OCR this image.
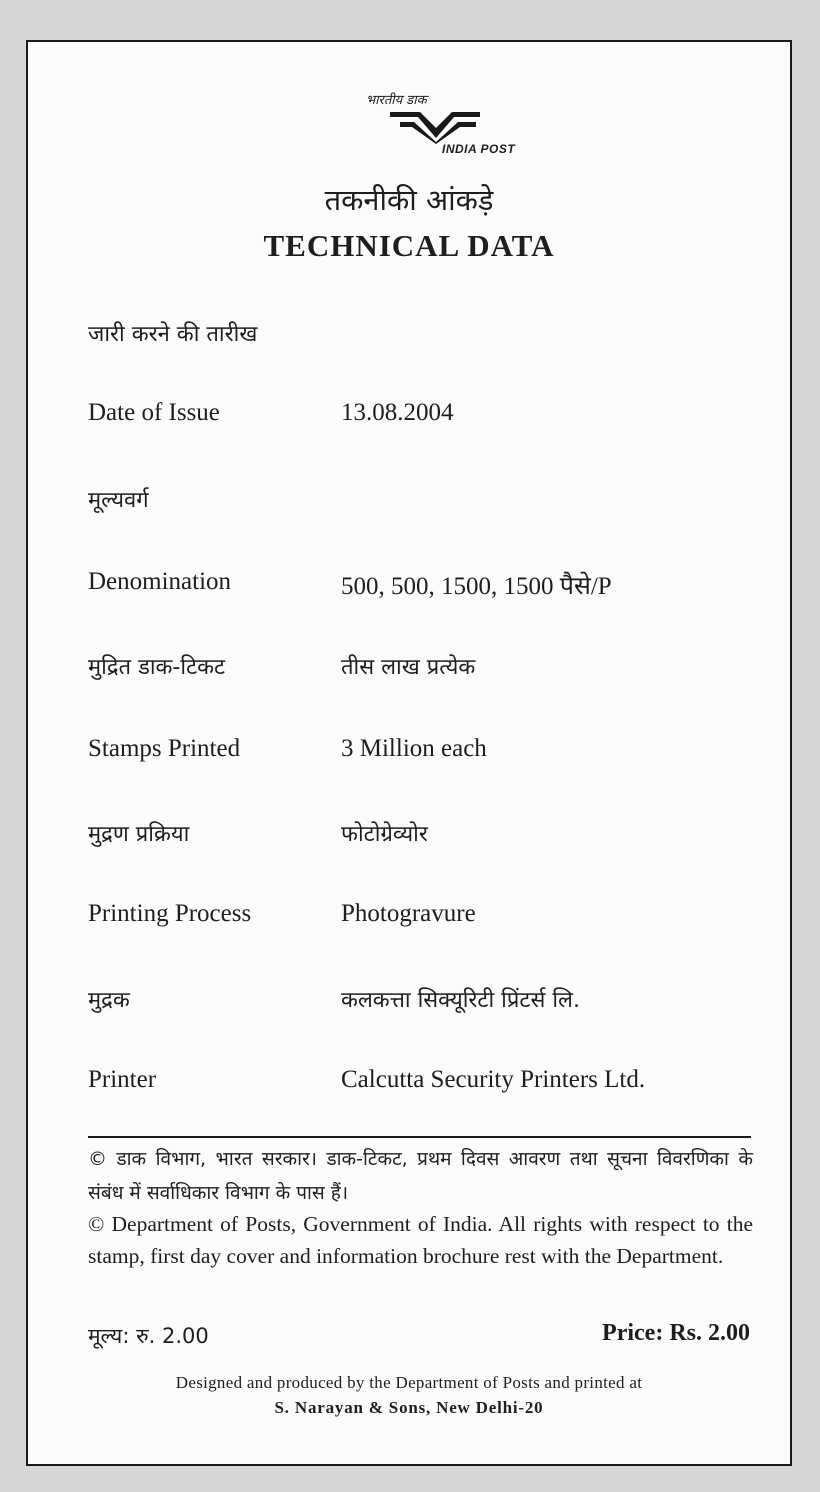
भारतीय डाक
INDIA POST
तकनीकी आंकड़े
TECHNICAL DATA
जारी करने की तारीख
Date of Issue	13.08.2004
मूल्यवर्ग
Denomination	500, 500, 1500, 1500 पैसे/P
मुद्रित डाक-टिकट	तीस लाख प्रत्येक
Stamps Printed	3 Million each
मुद्रण प्रक्रिया	फोटोग्रेव्योर
Printing Process	Photogravure
मुद्रक	कलकत्ता सिक्यूरिटी प्रिंटर्स लि.
Printer	Calcutta Security Printers Ltd.
© डाक विभाग, भारत सरकार। डाक-टिकट, प्रथम दिवस आवरण तथा सूचना विवरणिका के संबंध में सर्वाधिकार विभाग के पास हैं।
© Department of Posts, Government of India. All rights with respect to the stamp, first day cover and information brochure rest with the Department.
मूल्य: रु. 2.00	Price: Rs. 2.00
Designed and produced by the Department of Posts and printed at
S. Narayan & Sons, New Delhi-20
